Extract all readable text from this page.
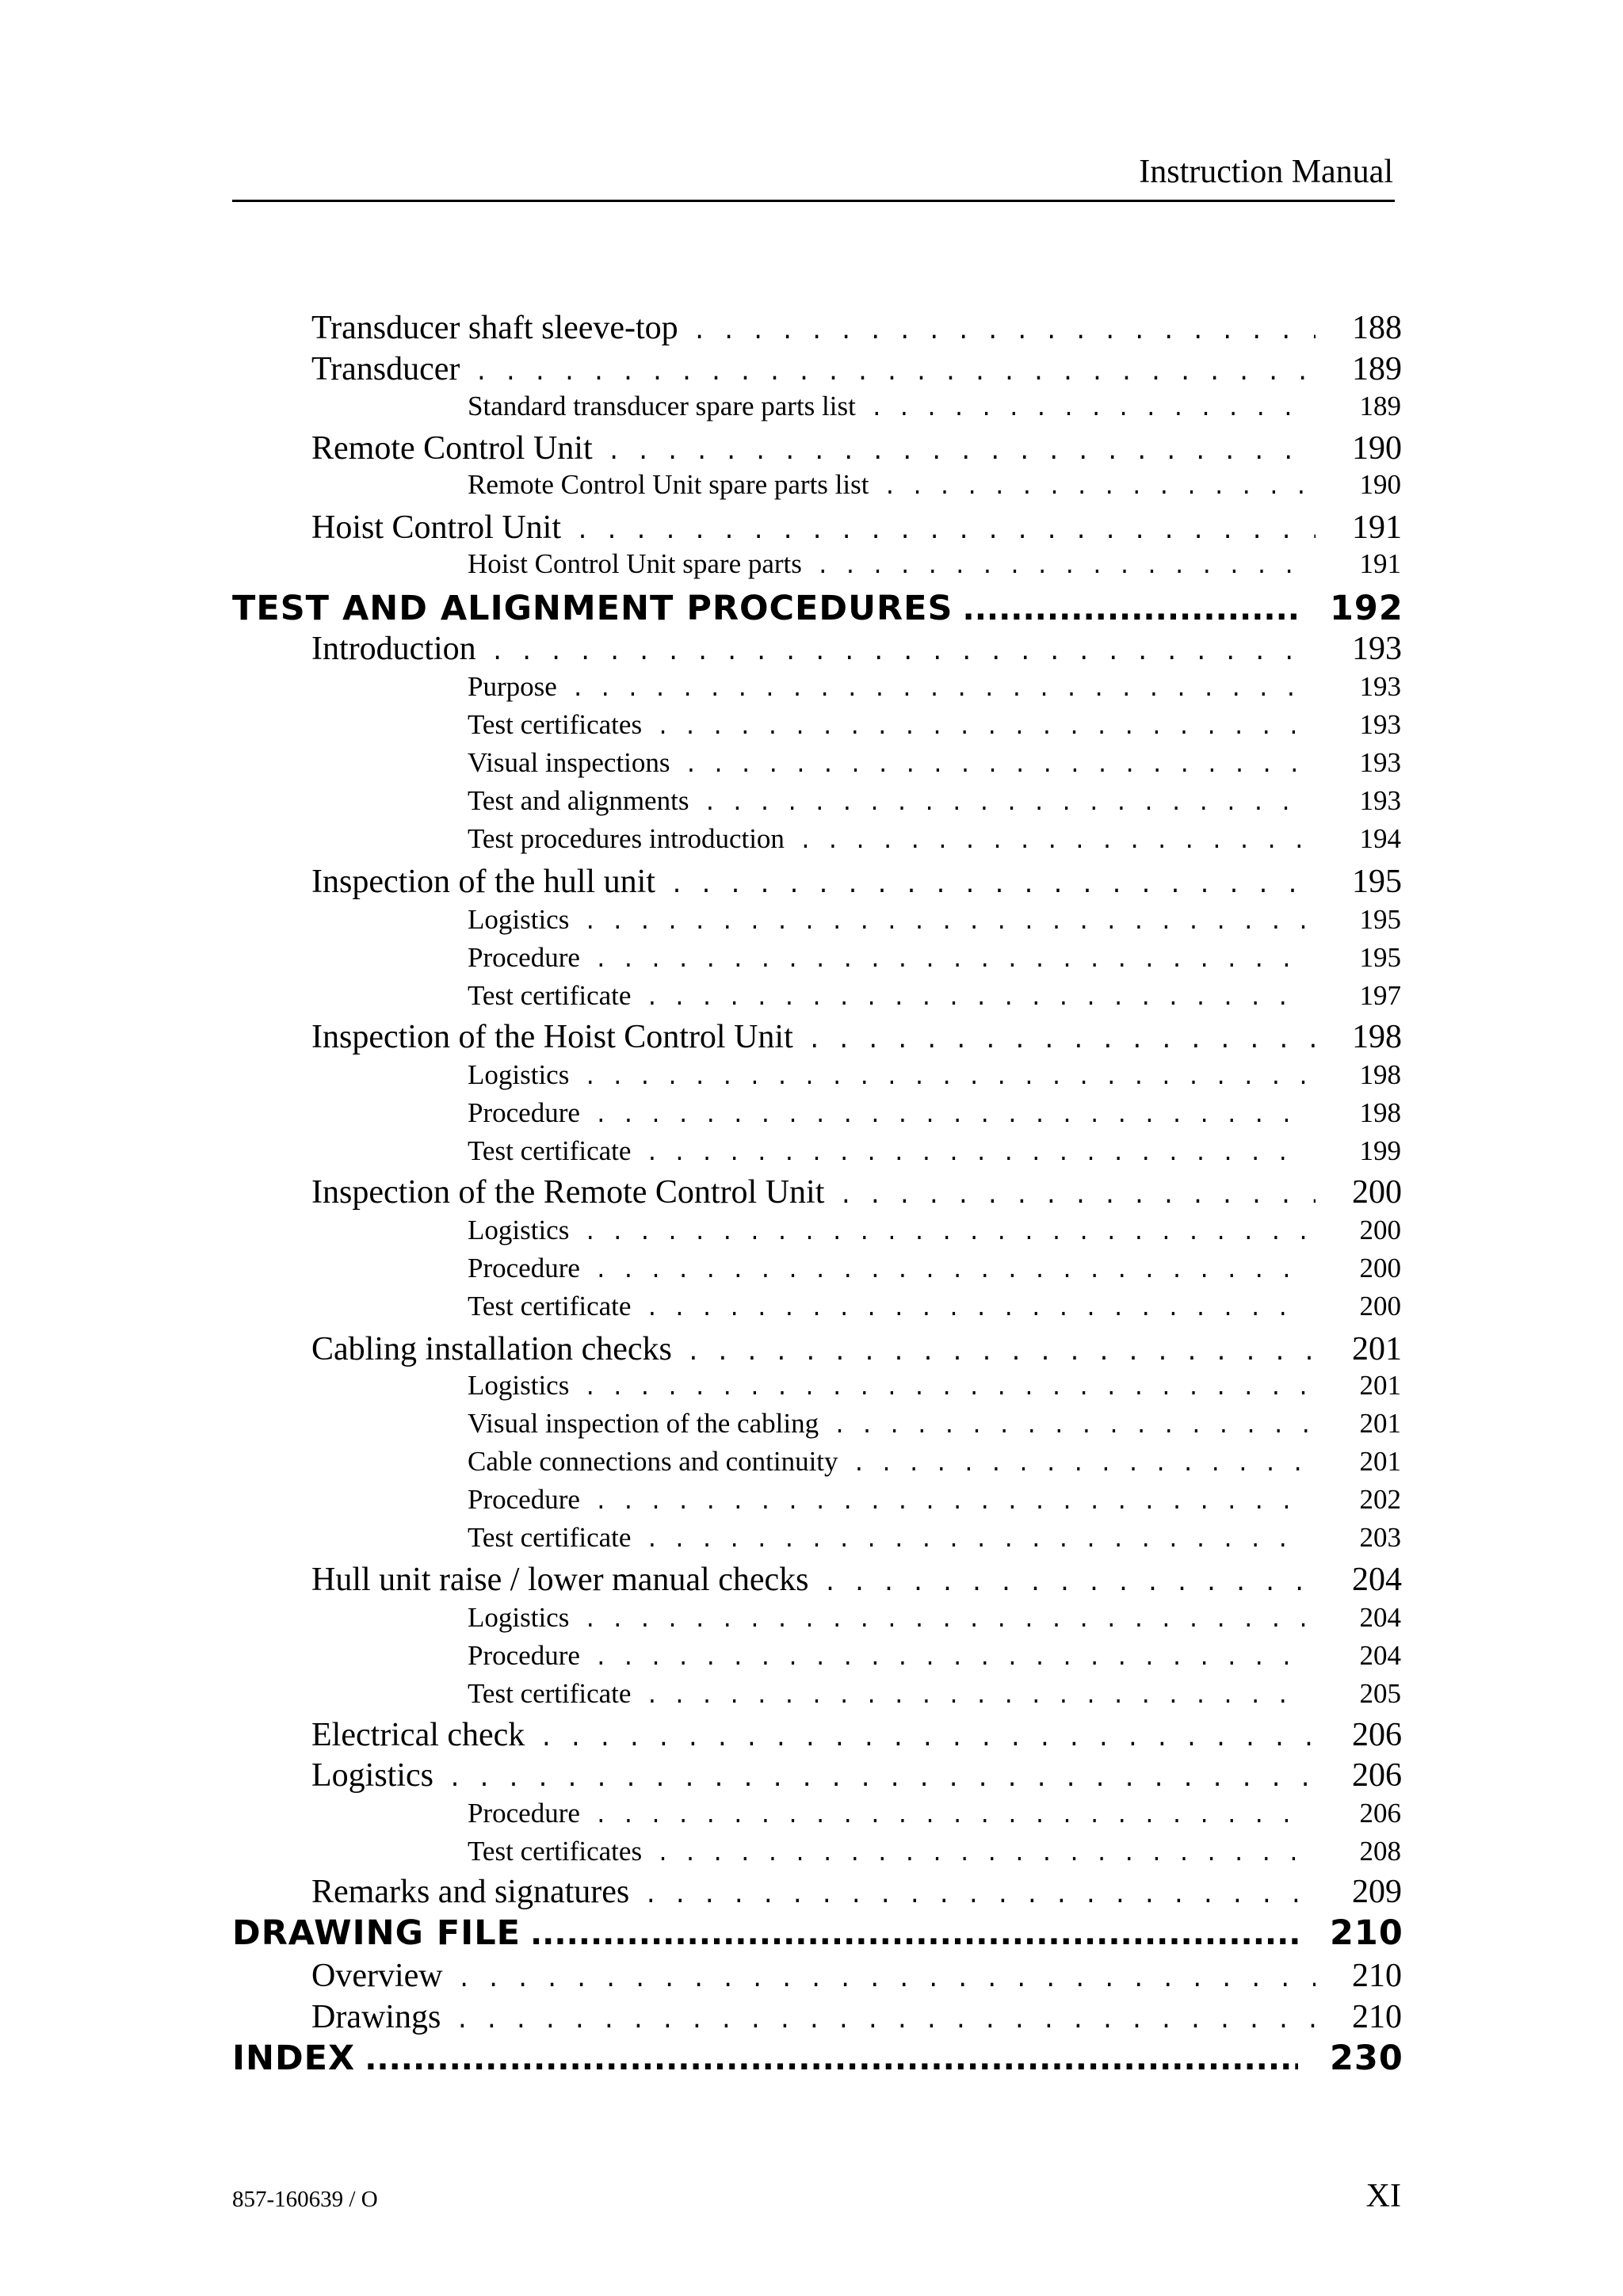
Instruction Manual
Transducer shaft sleeve-top . . .	188
Transducer . . .	189
Standard transducer spare parts list . . .	189
Remote Control Unit . . .	190
Remote Control Unit spare parts list . . .	190
Hoist Control Unit . . .	191
Hoist Control Unit spare parts . . .	191
TEST AND ALIGNMENT PROCEDURES .....	192
Introduction . . .	193
Purpose . . .	193
Test certificates . . .	193
Visual inspections . . .	193
Test and alignments . . .	193
Test procedures introduction . . .	194
Inspection of the hull unit . . .	195
Logistics . . .	195
Procedure . . .	195
Test certificate . . .	197
Inspection of the Hoist Control Unit . . .	198
Logistics . . .	198
Procedure . . .	198
Test certificate . . .	199
Inspection of the Remote Control Unit . . .	200
Logistics . . .	200
Procedure . . .	200
Test certificate . . .	200
Cabling installation checks . . .	201
Logistics . . .	201
Visual inspection of the cabling . . .	201
Cable connections and continuity . . .	201
Procedure . . .	202
Test certificate . . .	203
Hull unit raise / lower manual checks . . .	204
Logistics . . .	204
Procedure . . .	204
Test certificate . . .	205
Electrical check . . .	206
Logistics . . .	206
Procedure . . .	206
Test certificates . . .	208
Remarks and signatures . . .	209
DRAWING FILE .....	210
Overview . . .	210
Drawings . . .	210
INDEX .....	230
857-160639 / O	XI
